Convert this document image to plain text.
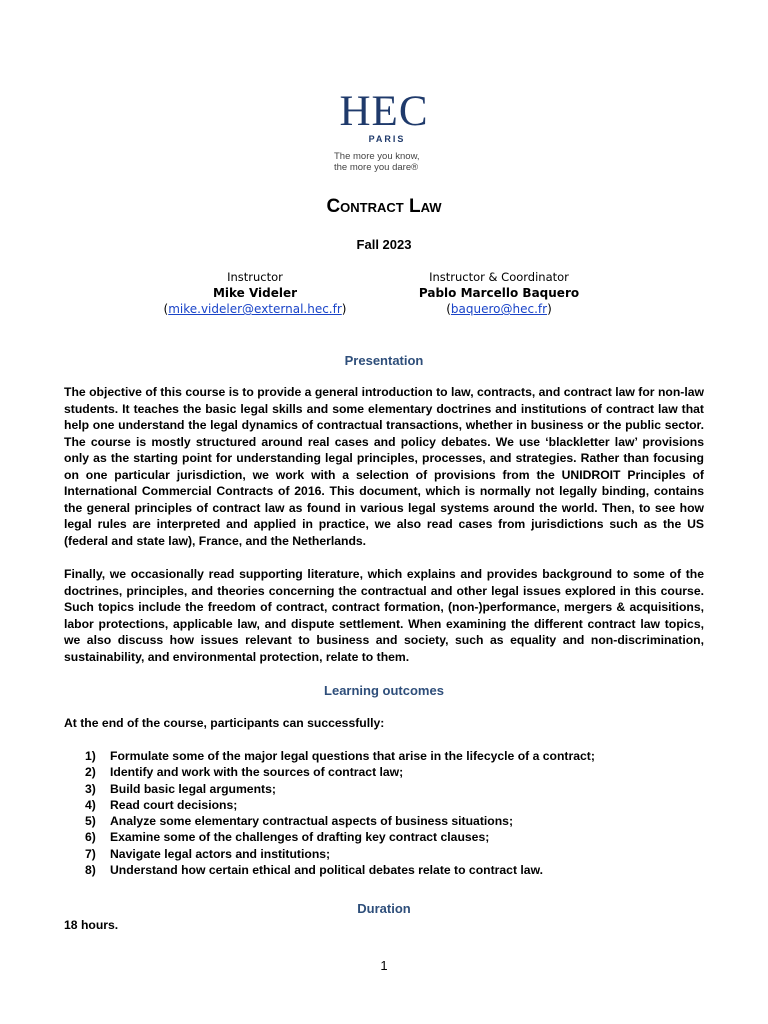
HEC
PARIS
The more you know,
the more you dare®
Contract Law
Fall 2023
Instructor
Mike Videler
(mike.videler@external.hec.fr)
Instructor & Coordinator
Pablo Marcello Baquero
(baquero@hec.fr)
Presentation
The objective of this course is to provide a general introduction to law, contracts, and contract law for non-law students. It teaches the basic legal skills and some elementary doctrines and institutions of contract law that help one understand the legal dynamics of contractual transactions, whether in business or the public sector. The course is mostly structured around real cases and policy debates. We use ‘blackletter law’ provisions only as the starting point for understanding legal principles, processes, and strategies. Rather than focusing on one particular jurisdiction, we work with a selection of provisions from the UNIDROIT Principles of International Commercial Contracts of 2016. This document, which is normally not legally binding, contains the general principles of contract law as found in various legal systems around the world. Then, to see how legal rules are interpreted and applied in practice, we also read cases from jurisdictions such as the US (federal and state law), France, and the Netherlands.
Finally, we occasionally read supporting literature, which explains and provides background to some of the doctrines, principles, and theories concerning the contractual and other legal issues explored in this course. Such topics include the freedom of contract, contract formation, (non-)performance, mergers & acquisitions, labor protections, applicable law, and dispute settlement. When examining the different contract law topics, we also discuss how issues relevant to business and society, such as equality and non-discrimination, sustainability, and environmental protection, relate to them.
Learning outcomes
At the end of the course, participants can successfully:
1)	Formulate some of the major legal questions that arise in the lifecycle of a contract;
2)	Identify and work with the sources of contract law;
3)	Build basic legal arguments;
4)	Read court decisions;
5)	Analyze some elementary contractual aspects of business situations;
6)	Examine some of the challenges of drafting key contract clauses;
7)	Navigate legal actors and institutions;
8)	Understand how certain ethical and political debates relate to contract law.
Duration
18 hours.
1
